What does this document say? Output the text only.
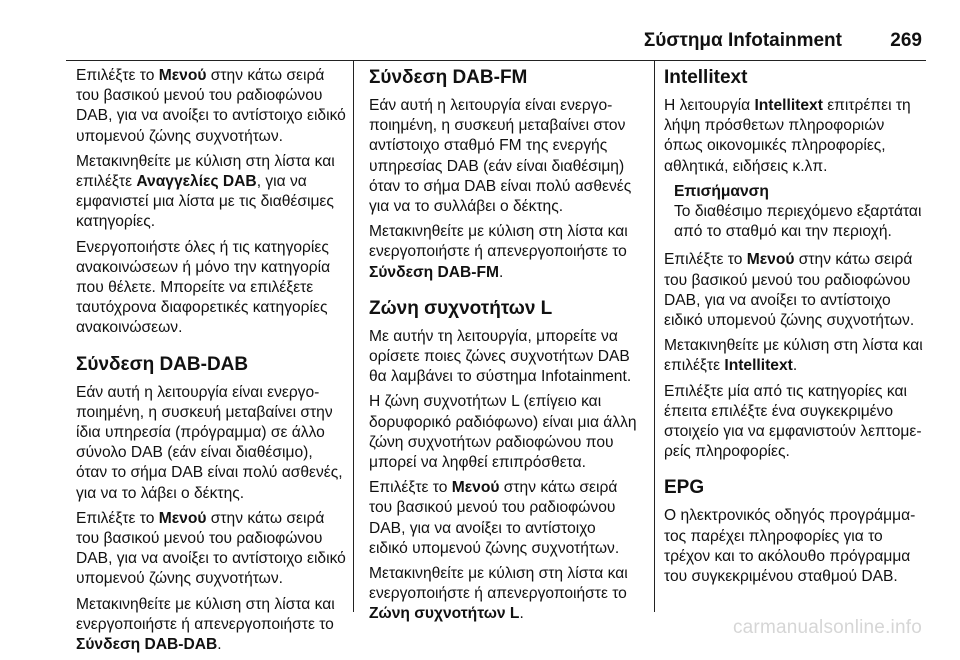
Σύστημα Infotainment	269

Επιλέξτε το Μενού στην κάτω σειρά του βασικού μενού του ραδιοφώνου DAB, για να ανοίξει το αντίστοιχο ειδικό υπομενού ζώνης συχνοτήτων.

Μετακινηθείτε με κύλιση στη λίστα και επιλέξτε Αναγγελίες DAB, για να εμφανιστεί μια λίστα με τις διαθέσιμες κατηγορίες.

Ενεργοποιήστε όλες ή τις κατηγορίες ανακοινώσεων ή μόνο την κατηγορία που θέλετε. Μπορείτε να επιλέξετε ταυτόχρονα διαφορετικές κατηγορίες ανακοινώσεων.

Σύνδεση DAB-DAB

Εάν αυτή η λειτουργία είναι ενεργοποιημένη, η συσκευή μεταβαίνει στην ίδια υπηρεσία (πρόγραμμα) σε άλλο σύνολο DAB (εάν είναι διαθέσιμο), όταν το σήμα DAB είναι πολύ ασθενές, για να το λάβει ο δέκτης.

Επιλέξτε το Μενού στην κάτω σειρά του βασικού μενού του ραδιοφώνου DAB, για να ανοίξει το αντίστοιχο ειδικό υπομενού ζώνης συχνοτήτων.

Μετακινηθείτε με κύλιση στη λίστα και ενεργοποιήστε ή απενεργοποιήστε το Σύνδεση DAB-DAB.

Σύνδεση DAB-FM

Εάν αυτή η λειτουργία είναι ενεργοποιημένη, η συσκευή μεταβαίνει στον αντίστοιχο σταθμό FM της ενεργής υπηρεσίας DAB (εάν είναι διαθέσιμη) όταν το σήμα DAB είναι πολύ ασθενές για να το συλλάβει ο δέκτης.

Μετακινηθείτε με κύλιση στη λίστα και ενεργοποιήστε ή απενεργοποιήστε το Σύνδεση DAB-FM.

Ζώνη συχνοτήτων L

Με αυτήν τη λειτουργία, μπορείτε να ορίσετε ποιες ζώνες συχνοτήτων DAB θα λαμβάνει το σύστημα Infotainment.

Η ζώνη συχνοτήτων L (επίγειο και δορυφορικό ραδιόφωνο) είναι μια άλλη ζώνη συχνοτήτων ραδιοφώνου που μπορεί να ληφθεί επιπρόσθετα.

Επιλέξτε το Μενού στην κάτω σειρά του βασικού μενού του ραδιοφώνου DAB, για να ανοίξει το αντίστοιχο ειδικό υπομενού ζώνης συχνοτήτων.

Μετακινηθείτε με κύλιση στη λίστα και ενεργοποιήστε ή απενεργοποιήστε το Ζώνη συχνοτήτων L.

Intellitext

Η λειτουργία Intellitext επιτρέπει τη λήψη πρόσθετων πληροφοριών όπως οικονομικές πληροφορίες, αθλητικά, ειδήσεις κ.λπ.

Επισήμανση
Το διαθέσιμο περιεχόμενο εξαρτάται από το σταθμό και την περιοχή.

Επιλέξτε το Μενού στην κάτω σειρά του βασικού μενού του ραδιοφώνου DAB, για να ανοίξει το αντίστοιχο ειδικό υπομενού ζώνης συχνοτήτων.

Μετακινηθείτε με κύλιση στη λίστα και επιλέξτε Intellitext.

Επιλέξτε μία από τις κατηγορίες και έπειτα επιλέξτε ένα συγκεκριμένο στοιχείο για να εμφανιστούν λεπτομερείς πληροφορίες.

EPG

Ο ηλεκτρονικός οδηγός προγράμματος παρέχει πληροφορίες για το τρέχον και το ακόλουθο πρόγραμμα του συγκεκριμένου σταθμού DAB.

carmanualsonline.info
